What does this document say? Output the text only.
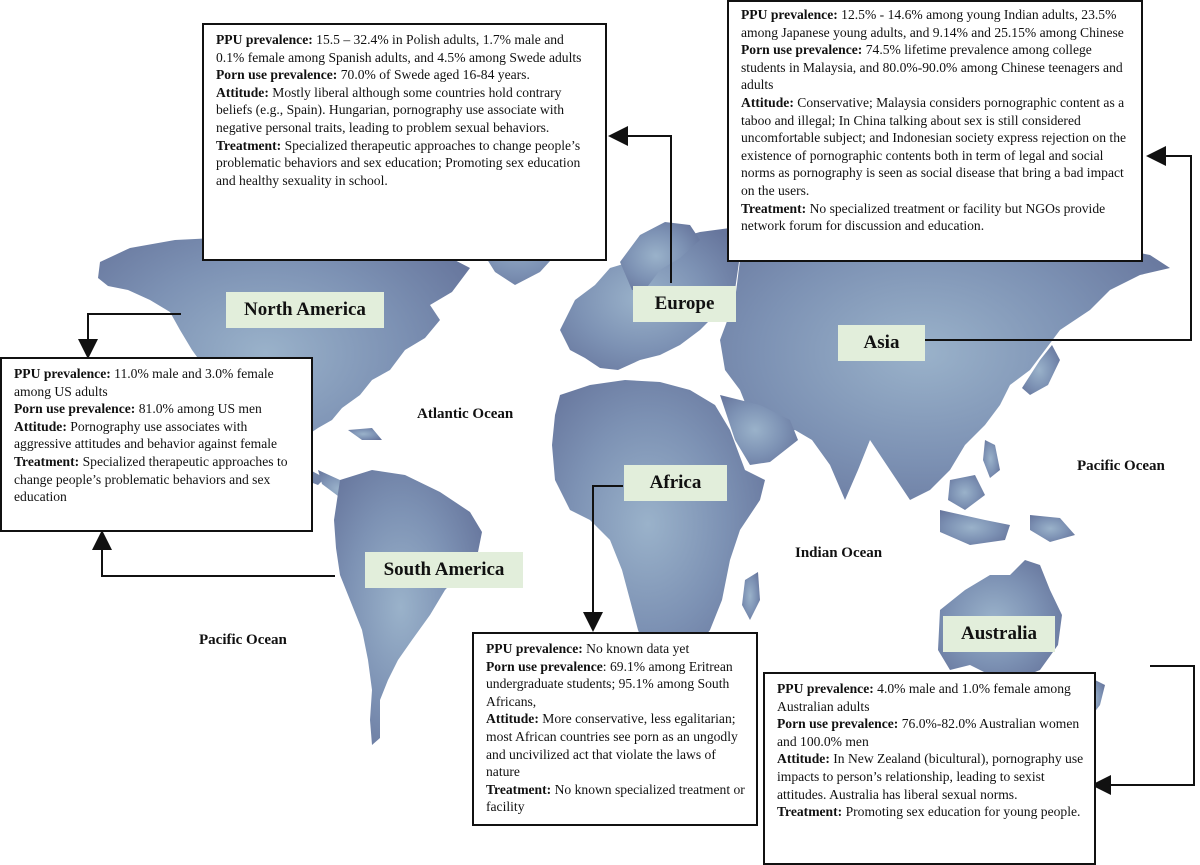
North America	Europe
Asia
Africa
South America
Australia
Atlantic Ocean
Pacific Ocean
Pacific Ocean
Indian Ocean
PPU prevalence: 15.5 – 32.4% in Polish adults, 1.7% male and 0.1% female among Spanish adults, and 4.5% among Swede adults
Porn use prevalence: 70.0% of Swede aged 16-84 years.
Attitude: Mostly liberal although some countries hold contrary beliefs (e.g., Spain). Hungarian, pornography use associate with negative personal traits, leading to problem sexual behaviors.
Treatment: Specialized therapeutic approaches to change people’s problematic behaviors and sex education; Promoting sex education and healthy sexuality in school.
PPU prevalence: 12.5% - 14.6% among young Indian adults, 23.5% among Japanese young adults, and 9.14% and 25.15% among Chinese
Porn use prevalence: 74.5% lifetime prevalence among college students in Malaysia, and 80.0%-90.0% among Chinese teenagers and adults
Attitude: Conservative; Malaysia considers pornographic content as a taboo and illegal; In China talking about sex is still considered uncomfortable subject; and Indonesian society express rejection on the existence of pornographic contents both in term of legal and social norms as pornography is seen as social disease that bring a bad impact on the users.
Treatment: No specialized treatment or facility but NGOs provide network forum for discussion and education.
PPU prevalence: 11.0% male and 3.0% female among US adults
Porn use prevalence: 81.0% among US men
Attitude: Pornography use associates with aggressive attitudes and behavior against female
Treatment: Specialized therapeutic approaches to change people’s problematic behaviors and sex education
PPU prevalence: No known data yet
Porn use prevalence: 69.1% among Eritrean undergraduate students; 95.1% among South Africans,
Attitude: More conservative, less egalitarian; most African countries see porn as an ungodly and uncivilized act that violate the laws of nature
Treatment: No known specialized treatment or facility
PPU prevalence: 4.0% male and 1.0% female among Australian adults
Porn use prevalence: 76.0%-82.0% Australian women and 100.0% men
Attitude: In New Zealand (bicultural), pornography use impacts to person’s relationship, leading to sexist attitudes. Australia has liberal sexual norms.
Treatment: Promoting sex education for young people.
